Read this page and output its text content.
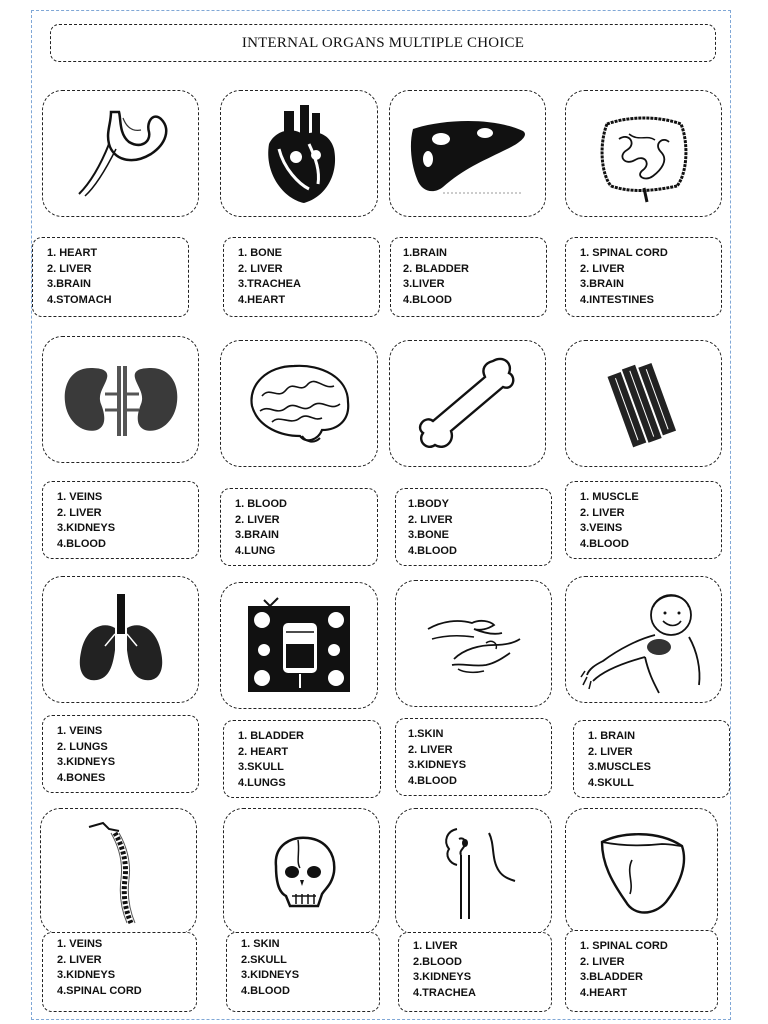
INTERNAL ORGANS MULTIPLE CHOICE
1. HEART
2. LIVER
3.BRAIN
4.STOMACH
1. BONE
2. LIVER
3.TRACHEA
4.HEART
1.BRAIN
2. BLADDER
3.LIVER
4.BLOOD
1. SPINAL CORD
2. LIVER
3.BRAIN
4.INTESTINES
1. VEINS
2. LIVER
3.KIDNEYS
4.BLOOD
1. BLOOD
2. LIVER
3.BRAIN
4.LUNG
1.BODY
2. LIVER
3.BONE
4.BLOOD
1. MUSCLE
2. LIVER
3.VEINS
4.BLOOD
1. VEINS
2. LUNGS
3.KIDNEYS
4.BONES
1. BLADDER
2. HEART
3.SKULL
4.LUNGS
1.SKIN
2. LIVER
3.KIDNEYS
4.BLOOD
1. BRAIN
2. LIVER
3.MUSCLES
4.SKULL
1. VEINS
2. LIVER
3.KIDNEYS
4.SPINAL CORD
1. SKIN
2.SKULL
3.KIDNEYS
4.BLOOD
1. LIVER
2.BLOOD
3.KIDNEYS
4.TRACHEA
1. SPINAL CORD
2. LIVER
3.BLADDER
4.HEART
